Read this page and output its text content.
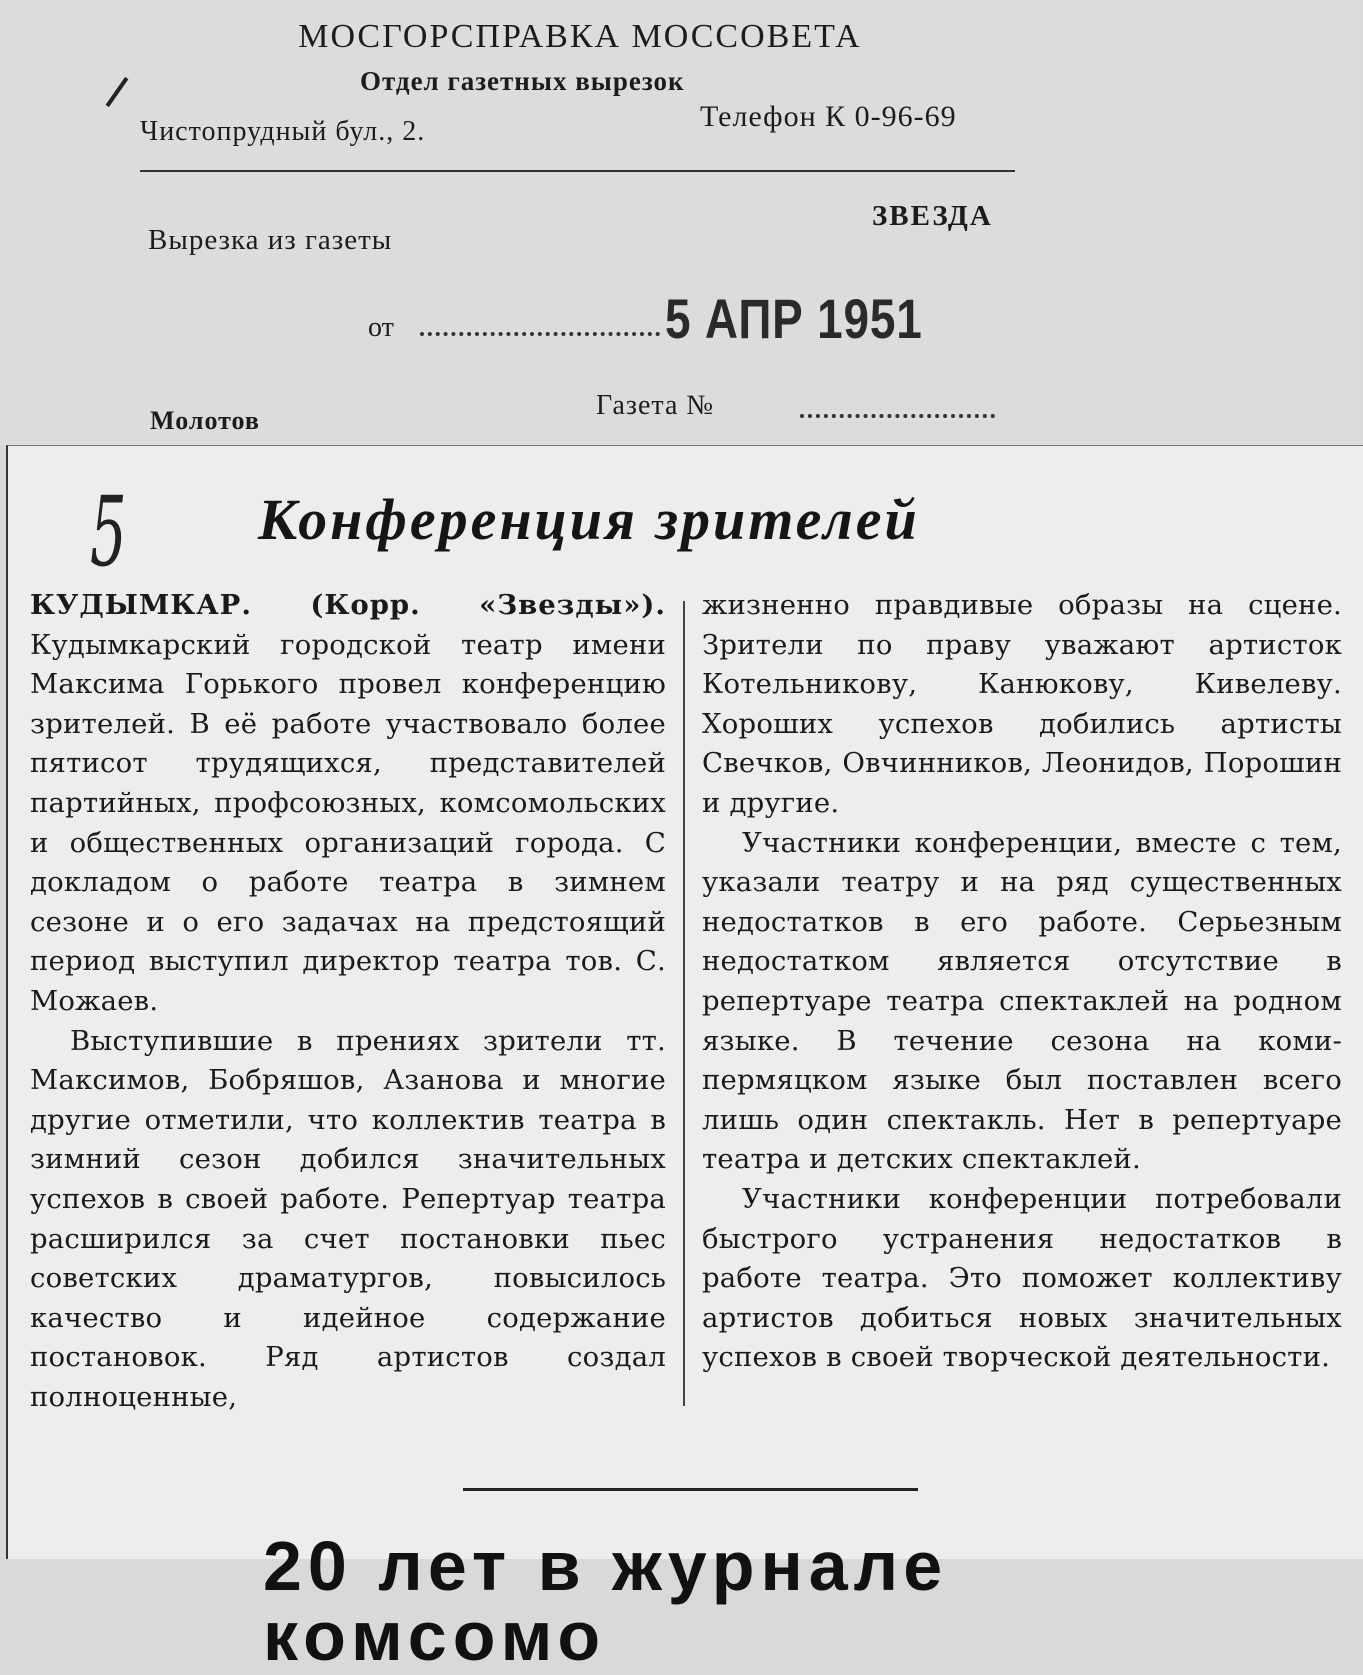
МОСГОРСПРАВКА МОССОВЕТА
Отдел газетных вырезок
Чистопрудный бул., 2.	Телефон К 0-96-69
Вырезка из газеты
ЗВЕЗДА
от	5 АПР 1951
Молотов	Газета №
5 Конференция зрителей

КУДЫМКАР. (Корр. «Звезды»). Кудымкарский городской театр имени Максима Горького провел конференцию зрителей. В её работе участвовало более пятисот трудящихся, представителей партийных, профсоюзных, комсомольских и общественных организаций города. С докладом о работе театра в зимнем сезоне и о его задачах на предстоящий период выступил директор театра тов. С. Можаев.

Выступившие в прениях зрители тт. Максимов, Бобряшов, Азанова и многие другие отметили, что коллектив театра в зимний сезон добился значительных успехов в своей работе. Репертуар театра расширился за счет постановки пьес советских драматургов, повысилось качество и идейное содержание постановок. Ряд артистов создал полноценные,

жизненно правдивые образы на сцене. Зрители по праву уважают артисток Котельникову, Канюкову, Кивелеву. Хороших успехов добились артисты Свечков, Овчинников, Леонидов, Порошин и другие.

Участники конференции, вместе с тем, указали театру и на ряд существенных недостатков в его работе. Серьезным недостатком является отсутствие в репертуаре театра спектаклей на родном языке. В течение сезона на коми-пермяцком языке был поставлен всего лишь один спектакль. Нет в репертуаре театра и детских спектаклей.

Участники конференции потребовали быстрого устранения недостатков в работе театра. Это поможет коллективу артистов добиться новых значительных успехов в своей творческой деятельности.

20 лет в журнале комсомо
